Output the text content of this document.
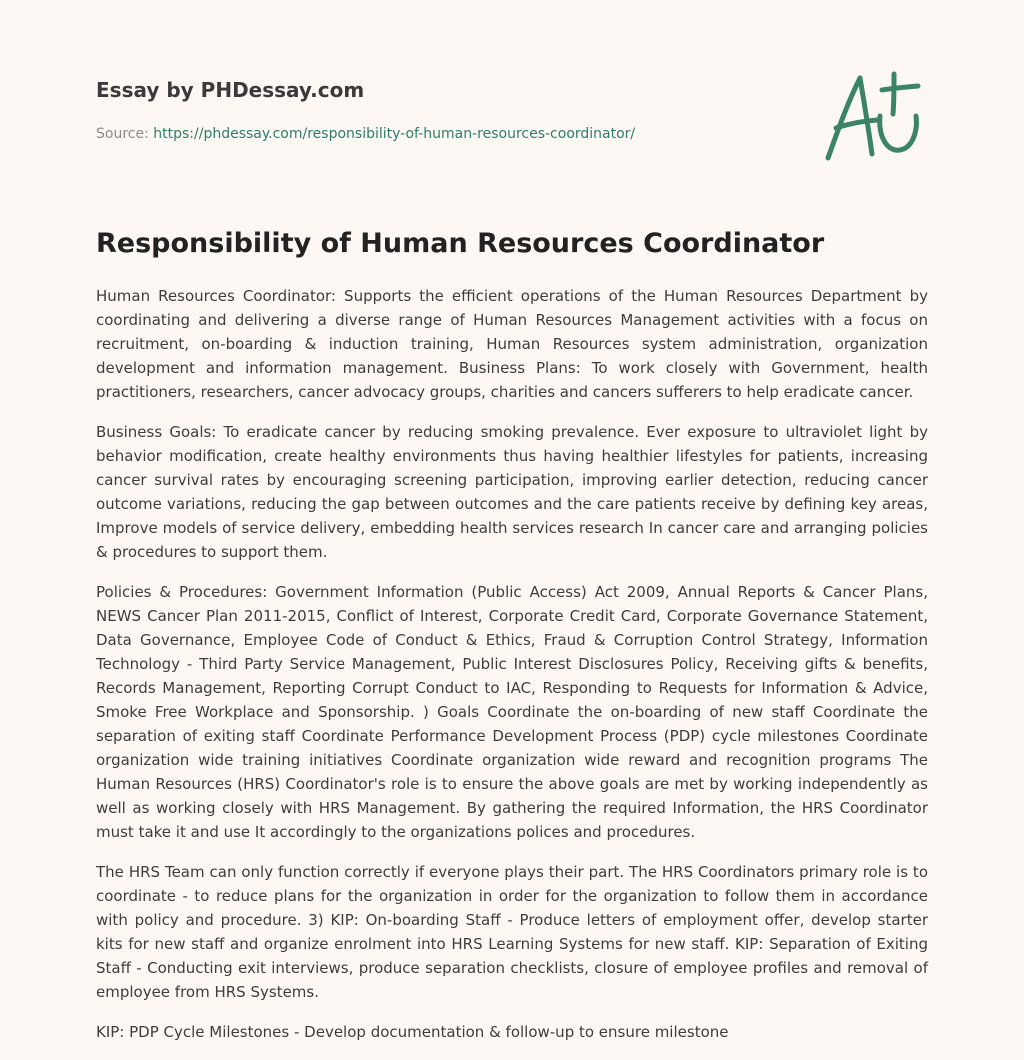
Essay by PHDessay.com
Source: https://phdessay.com/responsibility-of-human-resources-coordinator/
Responsibility of Human Resources Coordinator

Human Resources Coordinator: Supports the efficient operations of the Human Resources Department by coordinating and delivering a diverse range of Human Resources Management activities with a focus on recruitment, on-boarding & induction training, Human Resources system administration, organization development and information management. Business Plans: To work closely with Government, health practitioners, researchers, cancer advocacy groups, charities and cancers sufferers to help eradicate cancer.

Business Goals: To eradicate cancer by reducing smoking prevalence. Ever exposure to ultraviolet light by behavior modification, create healthy environments thus having healthier lifestyles for patients, increasing cancer survival rates by encouraging screening participation, improving earlier detection, reducing cancer outcome variations, reducing the gap between outcomes and the care patients receive by defining key areas, Improve models of service delivery, embedding health services research In cancer care and arranging policies & procedures to support them.

Policies & Procedures: Government Information (Public Access) Act 2009, Annual Reports & Cancer Plans, NEWS Cancer Plan 2011-2015, Conflict of Interest, Corporate Credit Card, Corporate Governance Statement, Data Governance, Employee Code of Conduct & Ethics, Fraud & Corruption Control Strategy, Information Technology - Third Party Service Management, Public Interest Disclosures Policy, Receiving gifts & benefits, Records Management, Reporting Corrupt Conduct to IAC, Responding to Requests for Information & Advice, Smoke Free Workplace and Sponsorship. ) Goals Coordinate the on-boarding of new staff Coordinate the separation of exiting staff Coordinate Performance Development Process (PDP) cycle milestones Coordinate organization wide training initiatives Coordinate organization wide reward and recognition programs The Human Resources (HRS) Coordinator's role is to ensure the above goals are met by working independently as well as working closely with HRS Management. By gathering the required Information, the HRS Coordinator must take it and use It accordingly to the organizations polices and procedures.

The HRS Team can only function correctly if everyone plays their part. The HRS Coordinators primary role is to coordinate - to reduce plans for the organization in order for the organization to follow them in accordance with policy and procedure. 3) KIP: On-boarding Staff - Produce letters of employment offer, develop starter kits for new staff and organize enrolment into HRS Learning Systems for new staff. KIP: Separation of Exiting Staff - Conducting exit interviews, produce separation checklists, closure of employee profiles and removal of employee from HRS Systems.

KIP: PDP Cycle Milestones - Develop documentation & follow-up to ensure milestone
